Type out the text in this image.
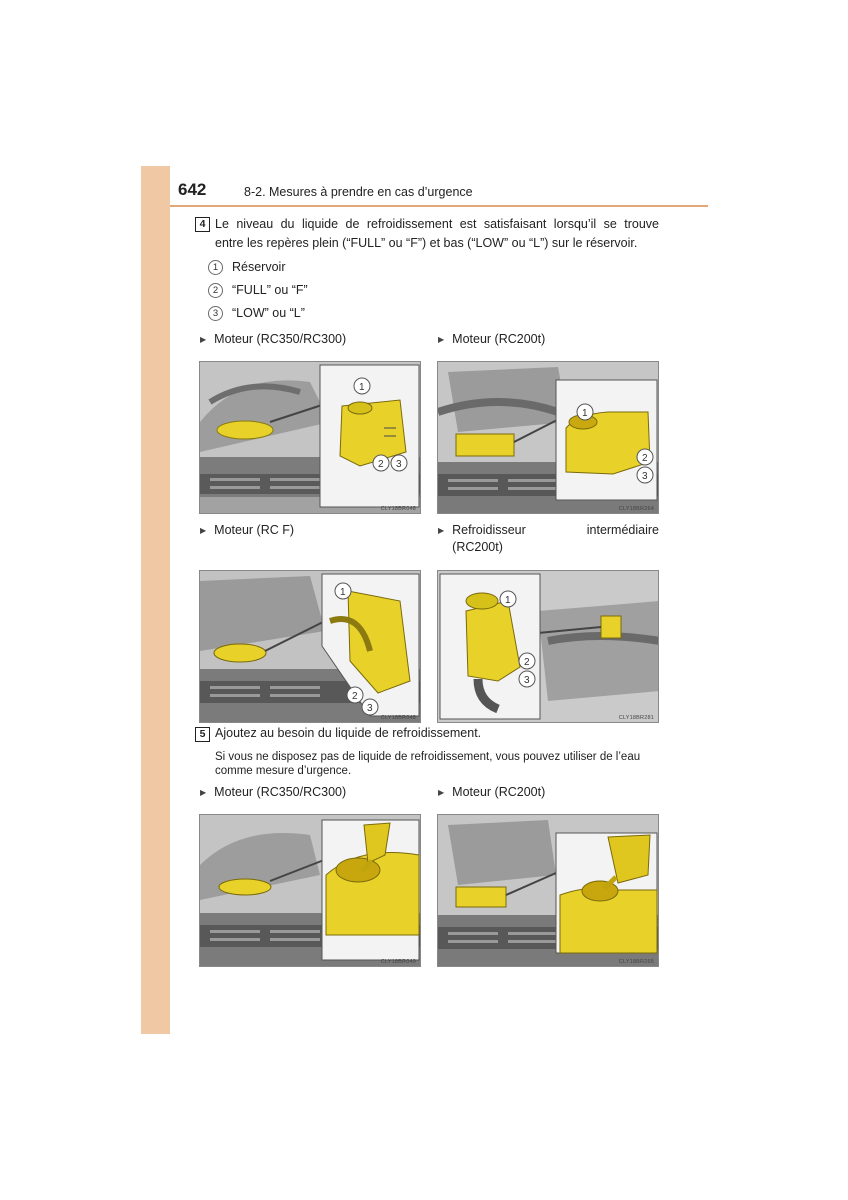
642	8-2. Mesures à prendre en cas d’urgence
4 Le niveau du liquide de refroidissement est satisfaisant lorsqu’il se trouve
entre les repères plein (“FULL” ou “F”) et bas (“LOW” ou “L”) sur le réservoir.
1	Réservoir
2	“FULL” ou “F”
3	“LOW” ou “L”
▶ Moteur (RC350/RC300)	▶ Moteur (RC200t)
1
2 3
CLY18BR048
1
2
3
CLY18BR264
▶ Moteur (RC F)	▶ Refroidisseur intermédiaire
(RC200t)
1
2
3
CLY18BR048
1
2
3
CLY18BR281
5 Ajoutez au besoin du liquide de refroidissement.
Si vous ne disposez pas de liquide de refroidissement, vous pouvez utiliser de l’eau
comme mesure d’urgence.
▶ Moteur (RC350/RC300)	▶ Moteur (RC200t)
CLY18BR049	CLY18BR265
